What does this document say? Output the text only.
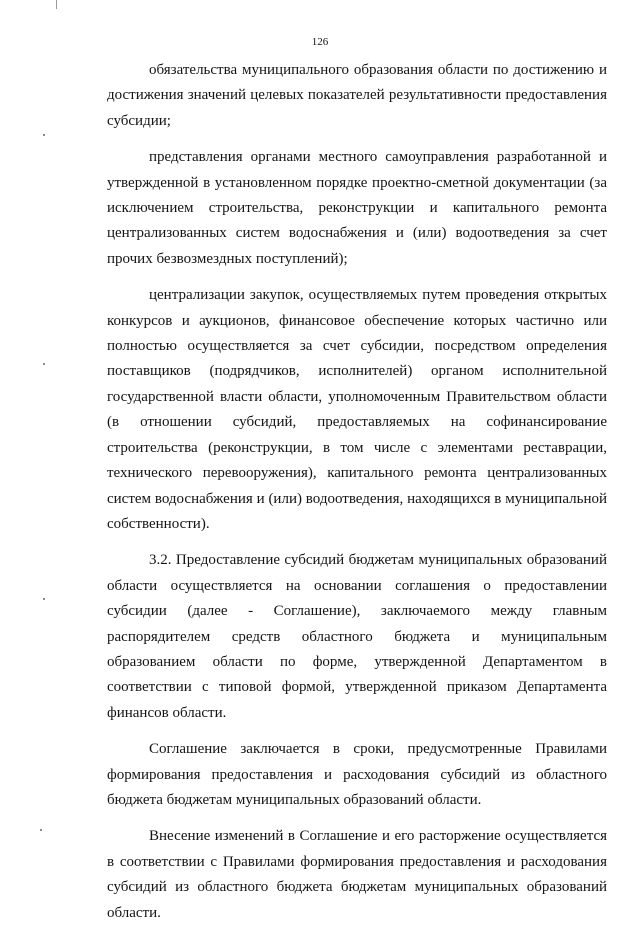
126

обязательства муниципального образования области по достижению и достижения значений целевых показателей результативности предоставления субсидии;

представления органами местного самоуправления разработанной и утвержденной в установленном порядке проектно-сметной документации (за исключением строительства, реконструкции и капитального ремонта централизованных систем водоснабжения и (или) водоотведения за счет прочих безвозмездных поступлений);

централизации закупок, осуществляемых путем проведения открытых конкурсов и аукционов, финансовое обеспечение которых частично или полностью осуществляется за счет субсидии, посредством определения поставщиков (подрядчиков, исполнителей) органом исполнительной государственной власти области, уполномоченным Правительством области (в отношении субсидий, предоставляемых на софинансирование строительства (реконструкции, в том числе с элементами реставрации, технического перевооружения), капитального ремонта централизованных систем водоснабжения и (или) водоотведения, находящихся в муниципальной собственности).

3.2. Предоставление субсидий бюджетам муниципальных образований области осуществляется на основании соглашения о предоставлении субсидии (далее - Соглашение), заключаемого между главным распорядителем средств областного бюджета и муниципальным образованием области по форме, утвержденной Департаментом в соответствии с типовой формой, утвержденной приказом Департамента финансов области.

Соглашение заключается в сроки, предусмотренные Правилами формирования предоставления и расходования субсидий из областного бюджета бюджетам муниципальных образований области.

Внесение изменений в Соглашение и его расторжение осуществляется в соответствии с Правилами формирования предоставления и расходования субсидий из областного бюджета бюджетам муниципальных образований области.
